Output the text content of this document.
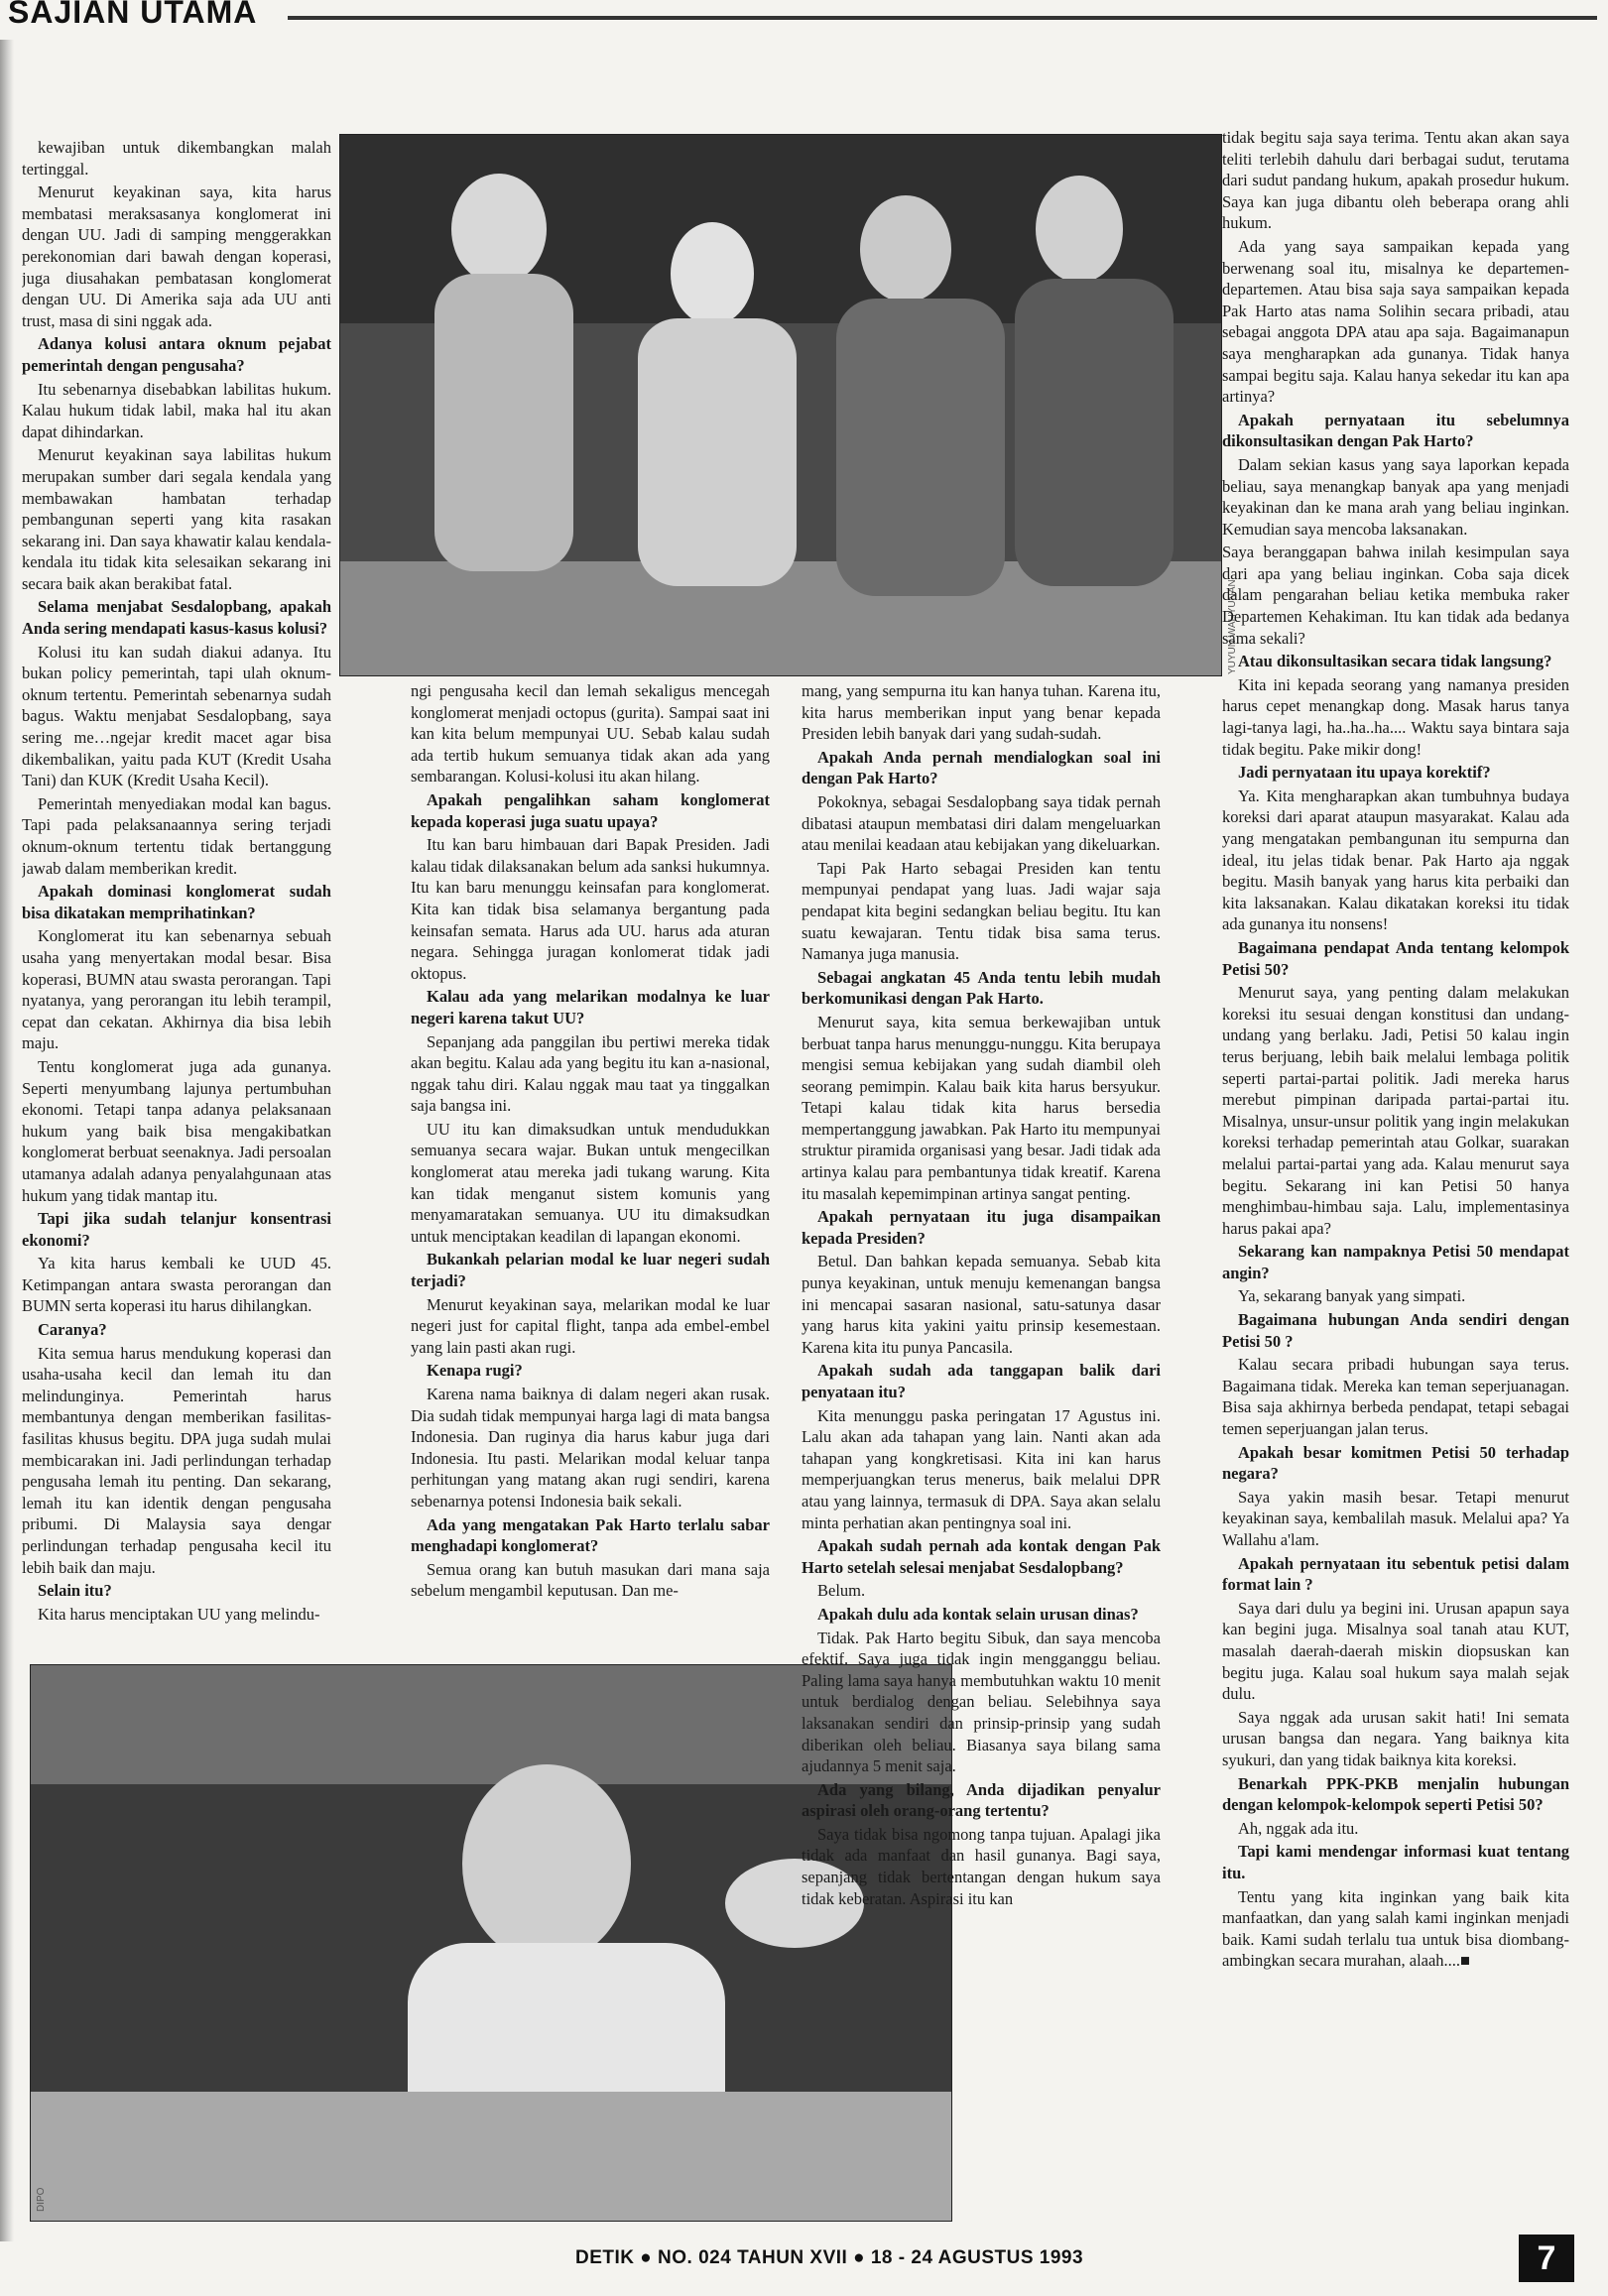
SAJIAN UTAMA
YUYUN WAHYUNAN
DIPO

kewajiban untuk dikembangkan malah tertinggal.

Menurut keyakinan saya, kita harus membatasi meraksasanya konglomerat ini dengan UU. Jadi di samping menggerakkan perekonomian dari bawah dengan koperasi, juga diusahakan pembatasan konglomerat dengan UU. Di Amerika saja ada UU anti trust, masa di sini nggak ada.

Adanya kolusi antara oknum pejabat pemerintah dengan pengusaha?

Itu sebenarnya disebabkan labilitas hukum. Kalau hukum tidak labil, maka hal itu akan dapat dihindarkan.

Menurut keyakinan saya labilitas hukum merupakan sumber dari segala kendala yang membawakan hambatan terhadap pembangunan seperti yang kita rasakan sekarang ini. Dan saya khawatir kalau kendala-kendala itu tidak kita selesaikan sekarang ini secara baik akan berakibat fatal.

Selama menjabat Sesdalopbang, apakah Anda sering mendapati kasus-kasus kolusi?

Kolusi itu kan sudah diakui adanya. Itu bukan policy pemerintah, tapi ulah oknum-oknum tertentu. Pemerintah sebenarnya sudah bagus. Waktu menjabat Sesdalopbang, saya sering me…ngejar kredit macet agar bisa dikembalikan, yaitu pada KUT (Kredit Usaha Tani) dan KUK (Kredit Usaha Kecil).

Pemerintah menyediakan modal kan bagus. Tapi pada pelaksanaannya sering terjadi oknum-oknum tertentu tidak bertanggung jawab dalam memberikan kredit.

Apakah dominasi konglomerat sudah bisa dikatakan memprihatinkan?

Konglomerat itu kan sebenarnya sebuah usaha yang menyertakan modal besar. Bisa koperasi, BUMN atau swasta perorangan. Tapi nyatanya, yang perorangan itu lebih terampil, cepat dan cekatan. Akhirnya dia bisa lebih maju.

Tentu konglomerat juga ada gunanya. Seperti menyumbang lajunya pertumbuhan ekonomi. Tetapi tanpa adanya pelaksanaan hukum yang baik bisa mengakibatkan konglomerat berbuat seenaknya. Jadi persoalan utamanya adalah adanya penyalahgunaan atas hukum yang tidak mantap itu.

Tapi jika sudah telanjur konsentrasi ekonomi?

Ya kita harus kembali ke UUD 45. Ketimpangan antara swasta perorangan dan BUMN serta koperasi itu harus dihilangkan.

Caranya?

Kita semua harus mendukung koperasi dan usaha-usaha kecil dan lemah itu dan melindunginya. Pemerintah harus membantunya dengan memberikan fasilitas-fasilitas khusus begitu. DPA juga sudah mulai membicarakan ini. Jadi perlindungan terhadap pengusaha lemah itu penting. Dan sekarang, lemah itu kan identik dengan pengusaha pribumi. Di Malaysia saya dengar perlindungan terhadap pengusaha kecil itu lebih baik dan maju.

Selain itu?

Kita harus menciptakan UU yang melindu-

ngi pengusaha kecil dan lemah sekaligus mencegah konglomerat menjadi octopus (gurita). Sampai saat ini kan kita belum mempunyai UU. Sebab kalau sudah ada tertib hukum semuanya tidak akan ada yang sembarangan. Kolusi-kolusi itu akan hilang.

Apakah pengalihkan saham konglomerat kepada koperasi juga suatu upaya?

Itu kan baru himbauan dari Bapak Presiden. Jadi kalau tidak dilaksanakan belum ada sanksi hukumnya. Itu kan baru menunggu keinsafan para konglomerat. Kita kan tidak bisa selamanya bergantung pada keinsafan semata. Harus ada UU. harus ada aturan negara. Sehingga juragan konlomerat tidak jadi oktopus.

Kalau ada yang melarikan modalnya ke luar negeri karena takut UU?

Sepanjang ada panggilan ibu pertiwi mereka tidak akan begitu. Kalau ada yang begitu itu kan a-nasional, nggak tahu diri. Kalau nggak mau taat ya tinggalkan saja bangsa ini.

UU itu kan dimaksudkan untuk mendudukkan semuanya secara wajar. Bukan untuk mengecilkan konglomerat atau mereka jadi tukang warung. Kita kan tidak menganut sistem komunis yang menyamaratakan semuanya. UU itu dimaksudkan untuk menciptakan keadilan di lapangan ekonomi.

Bukankah pelarian modal ke luar negeri sudah terjadi?

Menurut keyakinan saya, melarikan modal ke luar negeri just for capital flight, tanpa ada embel-embel yang lain pasti akan rugi.

Kenapa rugi?

Karena nama baiknya di dalam negeri akan rusak. Dia sudah tidak mempunyai harga lagi di mata bangsa Indonesia. Dan ruginya dia harus kabur juga dari Indonesia. Itu pasti. Melarikan modal keluar tanpa perhitungan yang matang akan rugi sendiri, karena sebenarnya potensi Indonesia baik sekali.

Ada yang mengatakan Pak Harto terlalu sabar menghadapi konglomerat?

Semua orang kan butuh masukan dari mana saja sebelum mengambil keputusan. Dan me-

mang, yang sempurna itu kan hanya tuhan. Karena itu, kita harus memberikan input yang benar kepada Presiden lebih banyak dari yang sudah-sudah.

Apakah Anda pernah mendialogkan soal ini dengan Pak Harto?

Pokoknya, sebagai Sesdalopbang saya tidak pernah dibatasi ataupun membatasi diri dalam mengeluarkan atau menilai keadaan atau kebijakan yang dikeluarkan.

Tapi Pak Harto sebagai Presiden kan tentu mempunyai pendapat yang luas. Jadi wajar saja pendapat kita begini sedangkan beliau begitu. Itu kan suatu kewajaran. Tentu tidak bisa sama terus. Namanya juga manusia.

Sebagai angkatan 45 Anda tentu lebih mudah berkomunikasi dengan Pak Harto.

Menurut saya, kita semua berkewajiban untuk berbuat tanpa harus menunggu-nunggu. Kita berupaya mengisi semua kebijakan yang sudah diambil oleh seorang pemimpin. Kalau baik kita harus bersyukur. Tetapi kalau tidak kita harus bersedia mempertanggung jawabkan. Pak Harto itu mempunyai struktur piramida organisasi yang besar. Jadi tidak ada artinya kalau para pembantunya tidak kreatif. Karena itu masalah kepemimpinan artinya sangat penting.

Apakah pernyataan itu juga disampaikan kepada Presiden?

Betul. Dan bahkan kepada semuanya. Sebab kita punya keyakinan, untuk menuju kemenangan bangsa ini mencapai sasaran nasional, satu-satunya dasar yang harus kita yakini yaitu prinsip kesemestaan. Karena kita itu punya Pancasila.

Apakah sudah ada tanggapan balik dari penyataan itu?

Kita menunggu paska peringatan 17 Agustus ini. Lalu akan ada tahapan yang lain. Nanti akan ada tahapan yang kongkretisasi. Kita ini kan harus memperjuangkan terus menerus, baik melalui DPR atau yang lainnya, termasuk di DPA. Saya akan selalu minta perhatian akan pentingnya soal ini.

Apakah sudah pernah ada kontak dengan Pak Harto setelah selesai menjabat Sesdalopbang?

Belum.

Apakah dulu ada kontak selain urusan dinas?

Tidak. Pak Harto begitu Sibuk, dan saya mencoba efektif. Saya juga tidak ingin mengganggu beliau. Paling lama saya hanya membutuhkan waktu 10 menit untuk berdialog dengan beliau. Selebihnya saya laksanakan sendiri dan prinsip-prinsip yang sudah diberikan oleh beliau. Biasanya saya bilang sama ajudannya 5 menit saja.

Ada yang bilang, Anda dijadikan penyalur aspirasi oleh orang-orang tertentu?

Saya tidak bisa ngomong tanpa tujuan. Apalagi jika tidak ada manfaat dan hasil gunanya. Bagi saya, sepanjang tidak bertentangan dengan hukum saya tidak keberatan. Aspirasi itu kan

tidak begitu saja saya terima. Tentu akan akan saya teliti terlebih dahulu dari berbagai sudut, terutama dari sudut pandang hukum, apakah prosedur hukum. Saya kan juga dibantu oleh beberapa orang ahli hukum.

Ada yang saya sampaikan kepada yang berwenang soal itu, misalnya ke departemen-departemen. Atau bisa saja saya sampaikan kepada Pak Harto atas nama Solihin secara pribadi, atau sebagai anggota DPA atau apa saja. Bagaimanapun saya mengharapkan ada gunanya. Tidak hanya sampai begitu saja. Kalau hanya sekedar itu kan apa artinya?

Apakah pernyataan itu sebelumnya dikonsultasikan dengan Pak Harto?

Dalam sekian kasus yang saya laporkan kepada beliau, saya menangkap banyak apa yang menjadi keyakinan dan ke mana arah yang beliau inginkan. Kemudian saya mencoba laksanakan.

Saya beranggapan bahwa inilah kesimpulan saya dari apa yang beliau inginkan. Coba saja dicek dalam pengarahan beliau ketika membuka raker Departemen Kehakiman. Itu kan tidak ada bedanya sama sekali?

Atau dikonsultasikan secara tidak langsung?

Kita ini kepada seorang yang namanya presiden harus cepet menangkap dong. Masak harus tanya lagi-tanya lagi, ha..ha..ha.... Waktu saya bintara saja tidak begitu. Pake mikir dong!

Jadi pernyataan itu upaya korektif?

Ya. Kita mengharapkan akan tumbuhnya budaya koreksi dari aparat ataupun masyarakat. Kalau ada yang mengatakan pembangunan itu sempurna dan ideal, itu jelas tidak benar. Pak Harto aja nggak begitu. Masih banyak yang harus kita perbaiki dan kita laksanakan. Kalau dikatakan koreksi itu tidak ada gunanya itu nonsens!

Bagaimana pendapat Anda tentang kelompok Petisi 50?

Menurut saya, yang penting dalam melakukan koreksi itu sesuai dengan konstitusi dan undang-undang yang berlaku. Jadi, Petisi 50 kalau ingin terus berjuang, lebih baik melalui lembaga politik seperti partai-partai politik. Jadi mereka harus merebut pimpinan daripada partai-partai itu. Misalnya, unsur-unsur politik yang ingin melakukan koreksi terhadap pemerintah atau Golkar, suarakan melalui partai-partai yang ada. Kalau menurut saya begitu. Sekarang ini kan Petisi 50 hanya menghimbau-himbau saja. Lalu, implementasinya harus pakai apa?

Sekarang kan nampaknya Petisi 50 mendapat angin?

Ya, sekarang banyak yang simpati.

Bagaimana hubungan Anda sendiri dengan Petisi 50 ?

Kalau secara pribadi hubungan saya terus. Bagaimana tidak. Mereka kan teman seperjuanagan. Bisa saja akhirnya berbeda pendapat, tetapi sebagai temen seperjuangan jalan terus.

Apakah besar komitmen Petisi 50 terhadap negara?

Saya yakin masih besar. Tetapi menurut keyakinan saya, kembalilah masuk. Melalui apa? Ya Wallahu a'lam.

Apakah pernyataan itu sebentuk petisi dalam format lain ?

Saya dari dulu ya begini ini. Urusan apapun saya kan begini juga. Misalnya soal tanah atau KUT, masalah daerah-daerah miskin diopsuskan kan begitu juga. Kalau soal hukum saya malah sejak dulu.

Saya nggak ada urusan sakit hati! Ini semata urusan bangsa dan negara. Yang baiknya kita syukuri, dan yang tidak baiknya kita koreksi.

Benarkah PPK-PKB menjalin hubungan dengan kelompok-kelompok seperti Petisi 50?

Ah, nggak ada itu.

Tapi kami mendengar informasi kuat tentang itu.

Tentu yang kita inginkan yang baik kita manfaatkan, dan yang salah kami inginkan menjadi baik. Kami sudah terlalu tua untuk bisa diombang-ambingkan secara murahan, alaah....■

DETIK ● NO. 024 TAHUN XVII ● 18 - 24 AGUSTUS 1993	7
